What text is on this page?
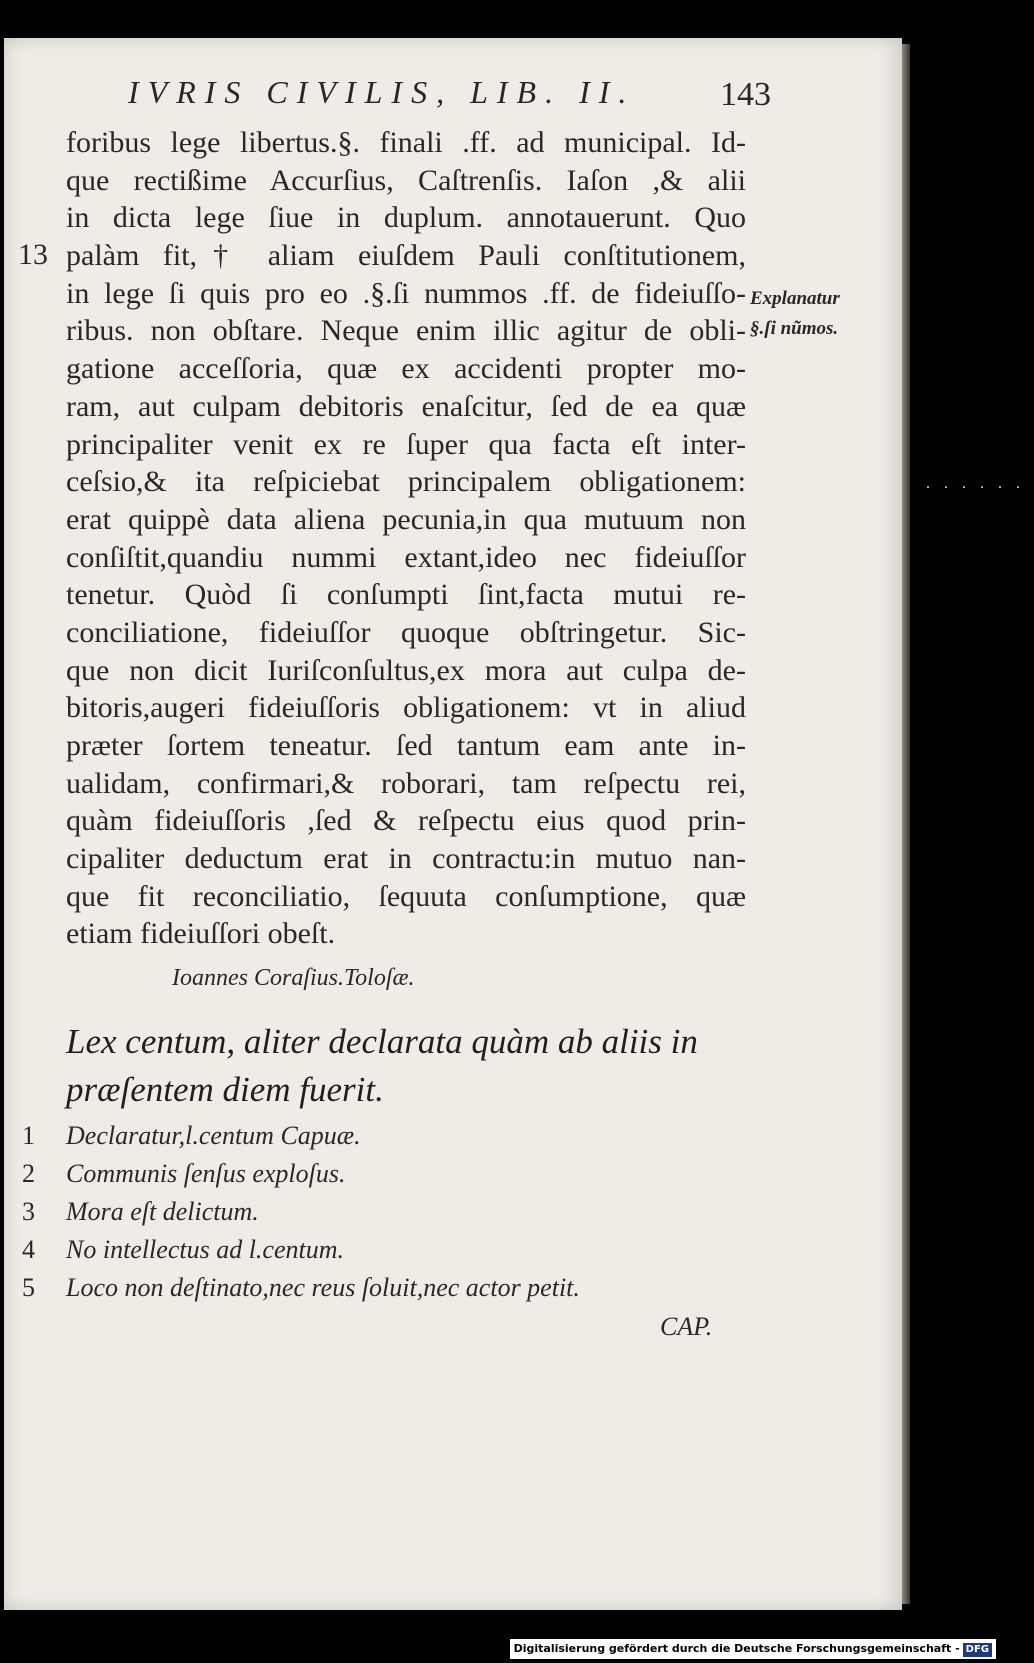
IVRIS CIVILIS, LIB. II. 143
13
Explanatur
§.ſi nũmos.
foribus lege libertus.§. finali .ff. ad municipal. Id-
que rectißime Accurſius, Caſtrenſis. Iaſon ,& alii
in dicta lege ſiue in duplum. annotauerunt. Quo
palàm fit,† aliam eiuſdem Pauli conſtitutionem,
in lege ſi quis pro eo .§.ſi nummos .ff. de fideiuſſo-
ribus. non obſtare. Neque enim illic agitur de obli-
gatione acceſſoria, quæ ex accidenti propter mo-
ram, aut culpam debitoris enaſcitur, ſed de ea quæ
principaliter venit ex re ſuper qua facta eſt inter-
ceſsio,& ita reſpiciebat principalem obligationem:
erat quippè data aliena pecunia,in qua mutuum non
conſiſtit,quandiu nummi extant,ideo nec fideiuſſor
tenetur. Quòd ſi conſumpti ſint,facta mutui re-
conciliatione, fideiuſſor quoque obſtringetur. Sic-
que non dicit Iuriſconſultus,ex mora aut culpa de-
bitoris,augeri fideiuſſoris obligationem: vt in aliud
præter ſortem teneatur. ſed tantum eam ante in-
ualidam, confirmari,& roborari, tam reſpectu rei,
quàm fideiuſſoris ,ſed & reſpectu eius quod prin-
cipaliter deductum erat in contractu:in mutuo nan-
que fit reconciliatio, ſequuta conſumptione, quæ
etiam fideiuſſori obeſt.
Ioannes Coraſius.Toloſæ.
Lex centum, aliter declarata quàm ab aliis in
præſentem diem fuerit.
1 Declaratur,l.centum Capuæ.
2 Communis ſenſus exploſus.
3 Mora eſt delictum.
4 No intellectus ad l.centum.
5 Loco non deſtinato,nec reus ſoluit,nec actor petit.
CAP.
......
Digitalisierung gefördert durch die Deutsche Forschungsgemeinschaft - DFG
